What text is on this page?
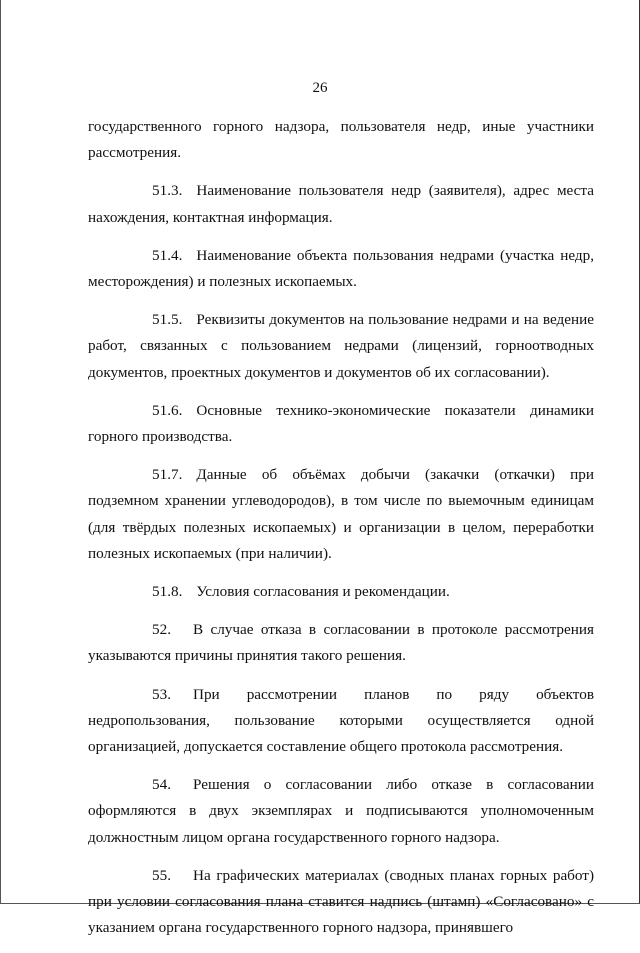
26

государственного горного надзора, пользователя недр, иные участники рассмотрения.

51.3. Наименование пользователя недр (заявителя), адрес места нахождения, контактная информация.

51.4. Наименование объекта пользования недрами (участка недр, месторождения) и полезных ископаемых.

51.5. Реквизиты документов на пользование недрами и на ведение работ, связанных с пользованием недрами (лицензий, горноотводных документов, проектных документов и документов об их согласовании).

51.6. Основные технико-экономические показатели динамики горного производства.

51.7. Данные об объёмах добычи (закачки (откачки) при подземном хранении углеводородов), в том числе по выемочным единицам (для твёрдых полезных ископаемых) и организации в целом, переработки полезных ископаемых (при наличии).

51.8. Условия согласования и рекомендации.

52. В случае отказа в согласовании в протоколе рассмотрения указываются причины принятия такого решения.

53. При рассмотрении планов по ряду объектов недропользования, пользование которыми осуществляется одной организацией, допускается составление общего протокола рассмотрения.

54. Решения о согласовании либо отказе в согласовании оформляются в двух экземплярах и подписываются уполномоченным должностным лицом органа государственного горного надзора.

55. На графических материалах (сводных планах горных работ) при условии согласования плана ставится надпись (штамп) «Согласовано» с указанием органа государственного горного надзора, принявшего
